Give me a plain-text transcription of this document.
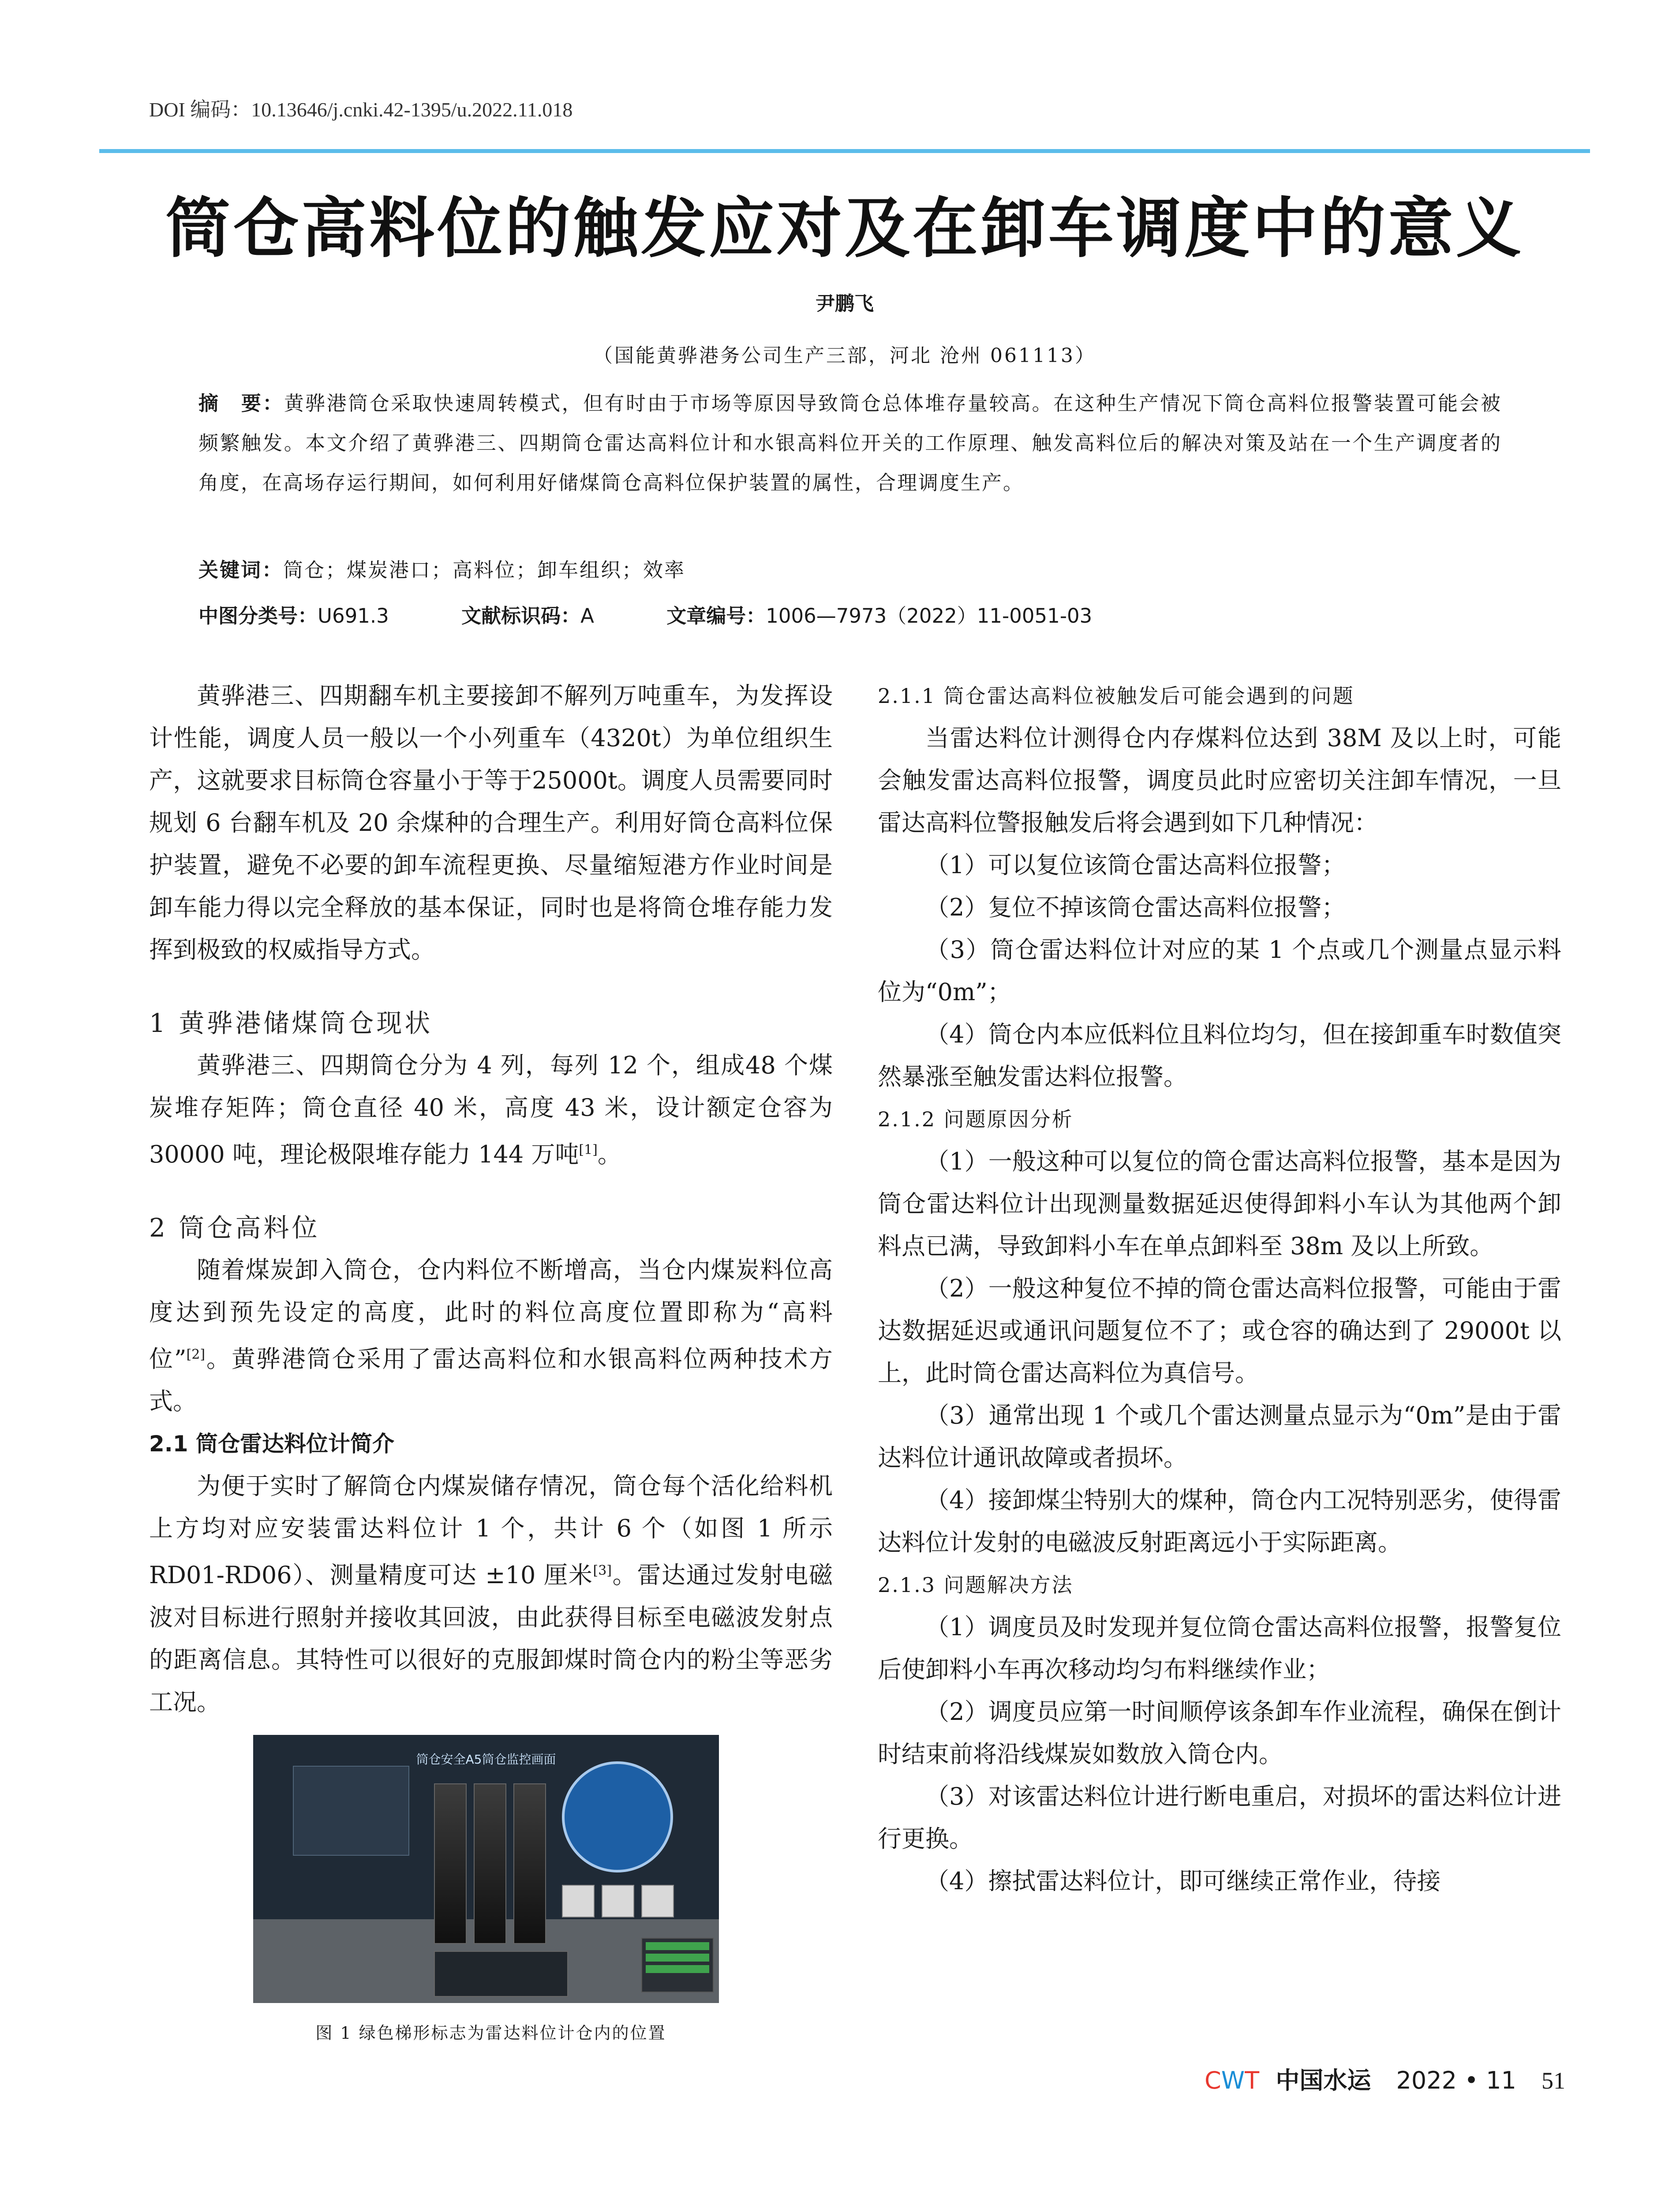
DOI 编码：10.13646/j.cnki.42-1395/u.2022.11.018
筒仓高料位的触发应对及在卸车调度中的意义
尹鹏飞
（国能黄骅港务公司生产三部，河北 沧州 061113）
摘　要：黄骅港筒仓采取快速周转模式，但有时由于市场等原因导致筒仓总体堆存量较高。在这种生产情况下筒仓高料位报警装置可能会被频繁触发。本文介绍了黄骅港三、四期筒仓雷达高料位计和水银高料位开关的工作原理、触发高料位后的解决对策及站在一个生产调度者的角度，在高场存运行期间，如何利用好储煤筒仓高料位保护装置的属性，合理调度生产。
关键词：筒仓；煤炭港口；高料位；卸车组织；效率
中图分类号：U691.3	文献标识码：A	文章编号：1006—7973（2022）11-0051-03

黄骅港三、四期翻车机主要接卸不解列万吨重车，为发挥设计性能，调度人员一般以一个小列重车（4320t）为单位组织生产，这就要求目标筒仓容量小于等于25000t。调度人员需要同时规划 6 台翻车机及 20 余煤种的合理生产。利用好筒仓高料位保护装置，避免不必要的卸车流程更换、尽量缩短港方作业时间是卸车能力得以完全释放的基本保证，同时也是将筒仓堆存能力发挥到极致的权威指导方式。

1 黄骅港储煤筒仓现状

黄骅港三、四期筒仓分为 4 列，每列 12 个，组成48 个煤炭堆存矩阵；筒仓直径 40 米，高度 43 米，设计额定仓容为 30000 吨，理论极限堆存能力 144 万吨[1]。

2 筒仓高料位

随着煤炭卸入筒仓，仓内料位不断增高，当仓内煤炭料位高度达到预先设定的高度，此时的料位高度位置即称为“高料位”[2]。黄骅港筒仓采用了雷达高料位和水银高料位两种技术方式。

2.1 筒仓雷达料位计简介

为便于实时了解筒仓内煤炭储存情况，筒仓每个活化给料机上方均对应安装雷达料位计 1 个，共计 6 个（如图 1 所示 RD01-RD06）、测量精度可达 ±10 厘米[3]。雷达通过发射电磁波对目标进行照射并接收其回波，由此获得目标至电磁波发射点的距离信息。其特性可以很好的克服卸煤时筒仓内的粉尘等恶劣工况。

筒仓安全A5筒仓监控画面
图 1 绿色梯形标志为雷达料位计仓内的位置
2.1.1 筒仓雷达高料位被触发后可能会遇到的问题

当雷达料位计测得仓内存煤料位达到 38M 及以上时，可能会触发雷达高料位报警，调度员此时应密切关注卸车情况，一旦雷达高料位警报触发后将会遇到如下几种情况：

（1）可以复位该筒仓雷达高料位报警；

（2）复位不掉该筒仓雷达高料位报警；

（3）筒仓雷达料位计对应的某 1 个点或几个测量点显示料位为“0m”；

（4）筒仓内本应低料位且料位均匀，但在接卸重车时数值突然暴涨至触发雷达料位报警。

2.1.2 问题原因分析

（1）一般这种可以复位的筒仓雷达高料位报警，基本是因为筒仓雷达料位计出现测量数据延迟使得卸料小车认为其他两个卸料点已满，导致卸料小车在单点卸料至 38m 及以上所致。

（2）一般这种复位不掉的筒仓雷达高料位报警，可能由于雷达数据延迟或通讯问题复位不了；或仓容的确达到了 29000t 以上，此时筒仓雷达高料位为真信号。

（3）通常出现 1 个或几个雷达测量点显示为“0m”是由于雷达料位计通讯故障或者损坏。

（4）接卸煤尘特别大的煤种，筒仓内工况特别恶劣，使得雷达料位计发射的电磁波反射距离远小于实际距离。

2.1.3 问题解决方法

（1）调度员及时发现并复位筒仓雷达高料位报警，报警复位后使卸料小车再次移动均匀布料继续作业；

（2）调度员应第一时间顺停该条卸车作业流程，确保在倒计时结束前将沿线煤炭如数放入筒仓内。

（3）对该雷达料位计进行断电重启，对损坏的雷达料位计进行更换。

（4）擦拭雷达料位计，即可继续正常作业，待接

CWT 中国水运 2022 • 11 51
